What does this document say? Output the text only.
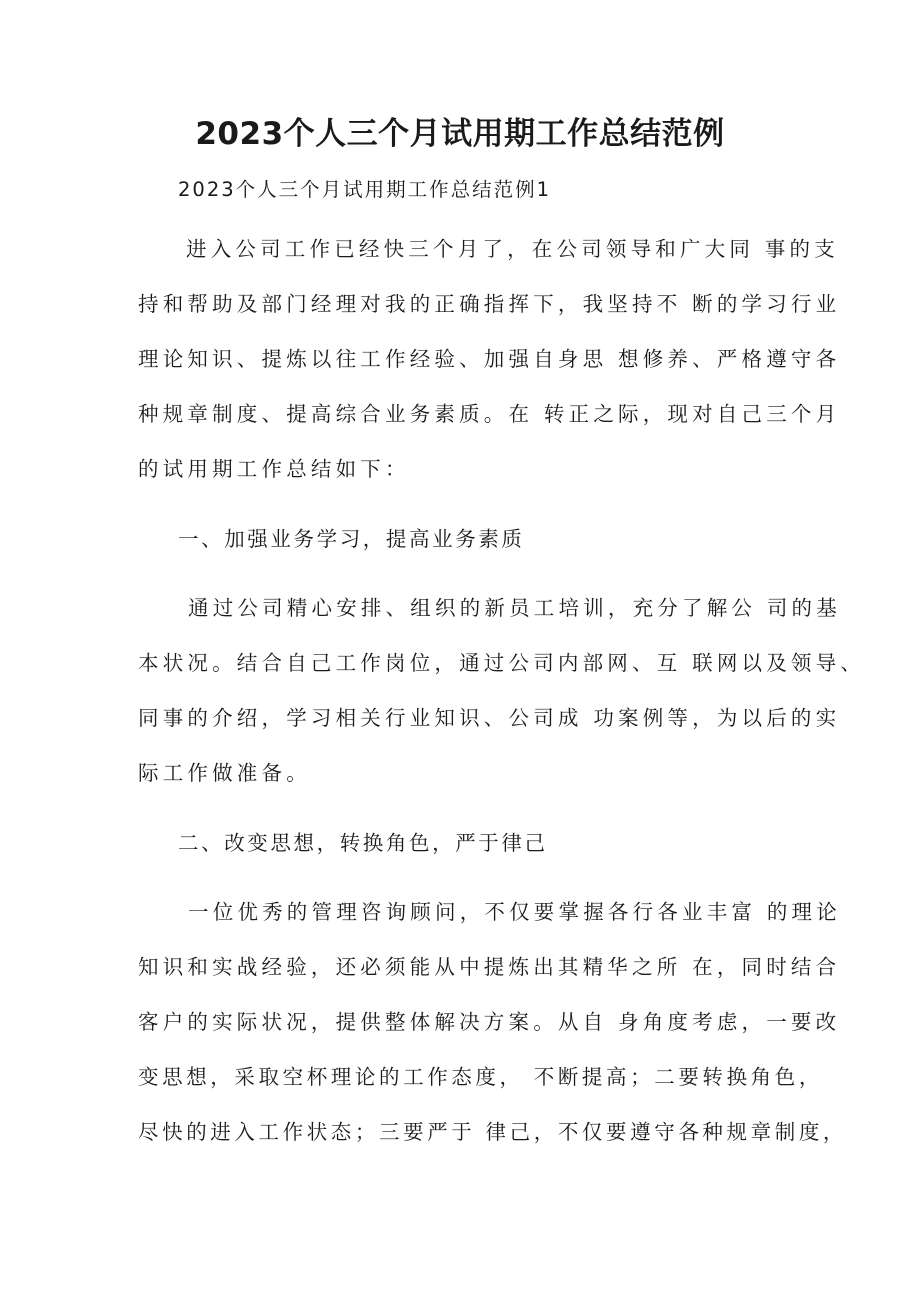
2023个人三个月试用期工作总结范例
2023个人三个月试用期工作总结范例1
进入公司工作已经快三个月了，在公司领导和广大同 事的支
持和帮助及部门经理对我的正确指挥下，我坚持不 断的学习行业
理论知识、提炼以往工作经验、加强自身思 想修养、严格遵守各
种规章制度、提高综合业务素质。在 转正之际，现对自己三个月
的试用期工作总结如下：
一、加强业务学习，提高业务素质
通过公司精心安排、组织的新员工培训，充分了解公 司的基
本状况。结合自己工作岗位，通过公司内部网、互 联网以及领导、
同事的介绍，学习相关行业知识、公司成 功案例等，为以后的实
际工作做准备。
二、改变思想，转换角色，严于律己
一位优秀的管理咨询顾问，不仅要掌握各行各业丰富 的理论
知识和实战经验，还必须能从中提炼出其精华之所 在，同时结合
客户的实际状况，提供整体解决方案。从自 身角度考虑，一要改
变思想，采取空杯理论的工作态度， 不断提高；二要转换角色，
尽快的进入工作状态；三要严于 律己，不仅要遵守各种规章制度，
